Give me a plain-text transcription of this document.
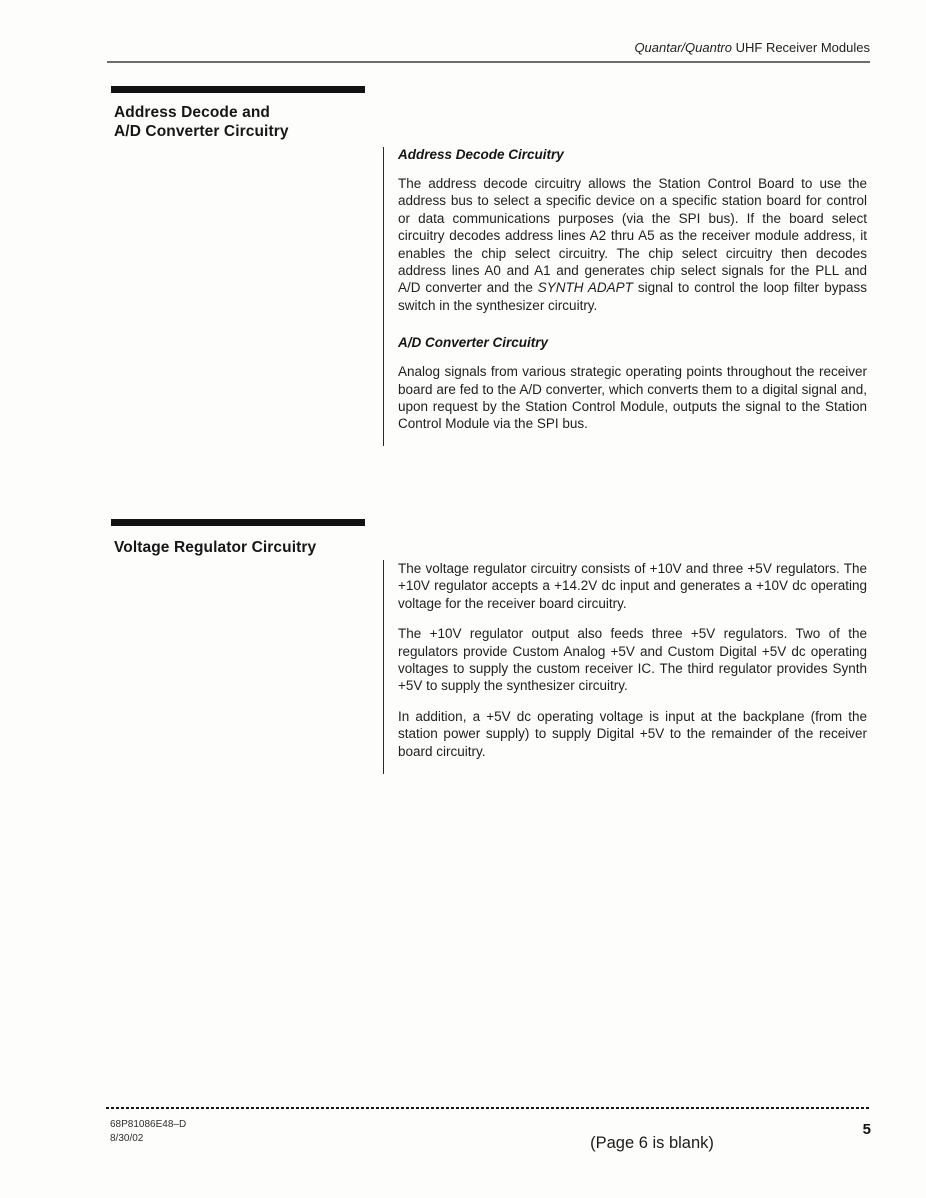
Quantar/Quantro UHF Receiver Modules
Address Decode and
A/D Converter Circuitry
Address Decode Circuitry

The address decode circuitry allows the Station Control Board to use the address bus to select a specific device on a specific station board for control or data communications purposes (via the SPI bus). If the board select circuitry decodes address lines A2 thru A5 as the receiver module address, it enables the chip select circuitry. The chip select circuitry then decodes address lines A0 and A1 and generates chip select signals for the PLL and A/D converter and the SYNTH ADAPT signal to control the loop filter bypass switch in the synthesizer circuitry.

A/D Converter Circuitry

Analog signals from various strategic operating points throughout the receiver board are fed to the A/D converter, which converts them to a digital signal and, upon request by the Station Control Module, outputs the signal to the Station Control Module via the SPI bus.

Voltage Regulator Circuitry

The voltage regulator circuitry consists of +10V and three +5V regulators. The +10V regulator accepts a +14.2V dc input and generates a +10V dc operating voltage for the receiver board circuitry.

The +10V regulator output also feeds three +5V regulators. Two of the regulators provide Custom Analog +5V and Custom Digital +5V dc operating voltages to supply the custom receiver IC. The third regulator provides Synth +5V to supply the synthesizer circuitry.

In addition, a +5V dc operating voltage is input at the backplane (from the station power supply) to supply Digital +5V to the remainder of the receiver board circuitry.

68P81086E48–D
8/30/02	(Page 6 is blank)
5
